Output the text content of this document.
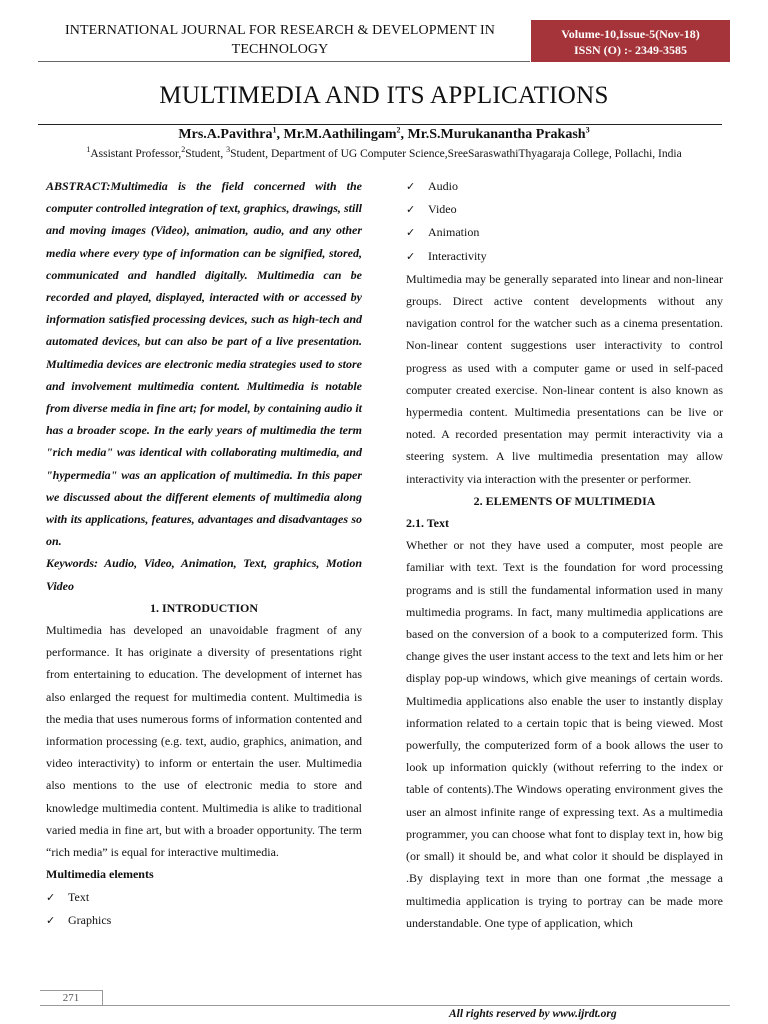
INTERNATIONAL JOURNAL FOR RESEARCH & DEVELOPMENT IN
TECHNOLOGY
Volume-10,Issue-5(Nov-18)
ISSN (O) :- 2349-3585
MULTIMEDIA AND ITS APPLICATIONS
Mrs.A.Pavithra$^1$, Mr.M.Aathilingam$^2$, Mr.S.Murukanantha Prakash$^3$
$^1$Assistant Professor,$^2$Student, $^3$Student, Department of UG Computer Science,SreeSaraswathiThyagaraja College, Pollachi, India

ABSTRACT:Multimedia is the field concerned with the computer controlled integration of text, graphics, drawings, still and moving images (Video), animation, audio, and any other media where every type of information can be signified, stored, communicated and handled digitally. Multimedia can be recorded and played, displayed, interacted with or accessed by information satisfied processing devices, such as high-tech and automated devices, but can also be part of a live presentation. Multimedia devices are electronic media strategies used to store and involvement multimedia content. Multimedia is notable from diverse media in fine art; for model, by containing audio it has a broader scope. In the early years of multimedia the term "rich media" was identical with collaborating multimedia, and "hypermedia" was an application of multimedia. In this paper we discussed about the different elements of multimedia along with its applications, features, advantages and disadvantages so on.

Keywords: Audio, Video, Animation, Text, graphics, Motion Video

1. INTRODUCTION

Multimedia has developed an unavoidable fragment of any performance. It has originate a diversity of presentations right from entertaining to education. The development of internet has also enlarged the request for multimedia content. Multimedia is the media that uses numerous forms of information contented and information processing (e.g. text, audio, graphics, animation, and video interactivity) to inform or entertain the user. Multimedia also mentions to the use of electronic media to store and knowledge multimedia content. Multimedia is alike to traditional varied media in fine art, but with a broader opportunity. The term “rich media” is equal for interactive multimedia.

Multimedia elements

✓ Text
✓ Graphics
✓ Audio
✓ Video
✓ Animation
✓ Interactivity

Multimedia may be generally separated into linear and non-linear groups. Direct active content developments without any navigation control for the watcher such as a cinema presentation. Non-linear content suggestions user interactivity to control progress as used with a computer game or used in self-paced computer created exercise. Non-linear content is also known as hypermedia content. Multimedia presentations can be live or noted. A recorded presentation may permit interactivity via a steering system. A live multimedia presentation may allow interactivity via interaction with the presenter or performer.

2. ELEMENTS OF MULTIMEDIA

2.1. Text

Whether or not they have used a computer, most people are familiar with text. Text is the foundation for word processing programs and is still the fundamental information used in many multimedia programs. In fact, many multimedia applications are based on the conversion of a book to a computerized form. This change gives the user instant access to the text and lets him or her display pop-up windows, which give meanings of certain words. Multimedia applications also enable the user to instantly display information related to a certain topic that is being viewed. Most powerfully, the computerized form of a book allows the user to look up information quickly (without referring to the index or table of contents).The Windows operating environment gives the user an almost infinite range of expressing text. As a multimedia programmer, you can choose what font to display text in, how big (or small) it should be, and what color it should be displayed in .By displaying text in more than one format ,the message a multimedia application is trying to portray can be made more understandable. One type of application, which

271
All rights reserved by www.ijrdt.org
